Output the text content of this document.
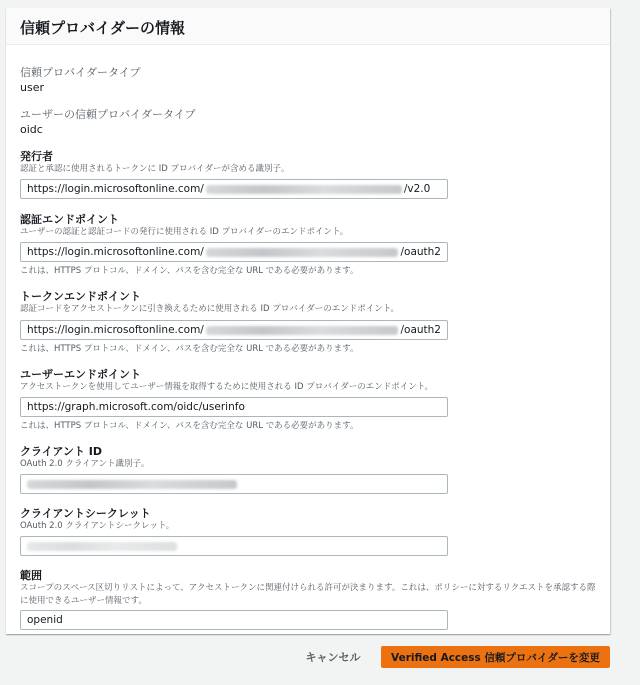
信頼プロバイダーの情報
信頼プロバイダータイプ
user
ユーザーの信頼プロバイダータイプ
oidc
発行者
認証と承認に使用されるトークンに ID プロバイダーが含める識別子。
https://login.microsoftonline.com/	/v2.0
認証エンドポイント
ユーザーの認証と認証コードの発行に使用される ID プロバイダーのエンドポイント。
https://login.microsoftonline.com/	/oauth2
これは、HTTPS プロトコル、ドメイン、パスを含む完全な URL である必要があります。
トークンエンドポイント
認証コードをアクセストークンに引き換えるために使用される ID プロバイダーのエンドポイント。
https://login.microsoftonline.com/	/oauth2
これは、HTTPS プロトコル、ドメイン、パスを含む完全な URL である必要があります。
ユーザーエンドポイント
アクセストークンを使用してユーザー情報を取得するために使用される ID プロバイダーのエンドポイント。
https://graph.microsoft.com/oidc/userinfo
これは、HTTPS プロトコル、ドメイン、パスを含む完全な URL である必要があります。
クライアント ID
OAuth 2.0 クライアント識別子。
クライアントシークレット
OAuth 2.0 クライアントシークレット。
範囲
スコープのスペース区切りリストによって、アクセストークンに関連付けられる許可が決まります。これは、ポリシーに対するリクエストを承認する際に使用できるユーザー情報です。
openid
キャンセル	Verified Access 信頼プロバイダーを変更
